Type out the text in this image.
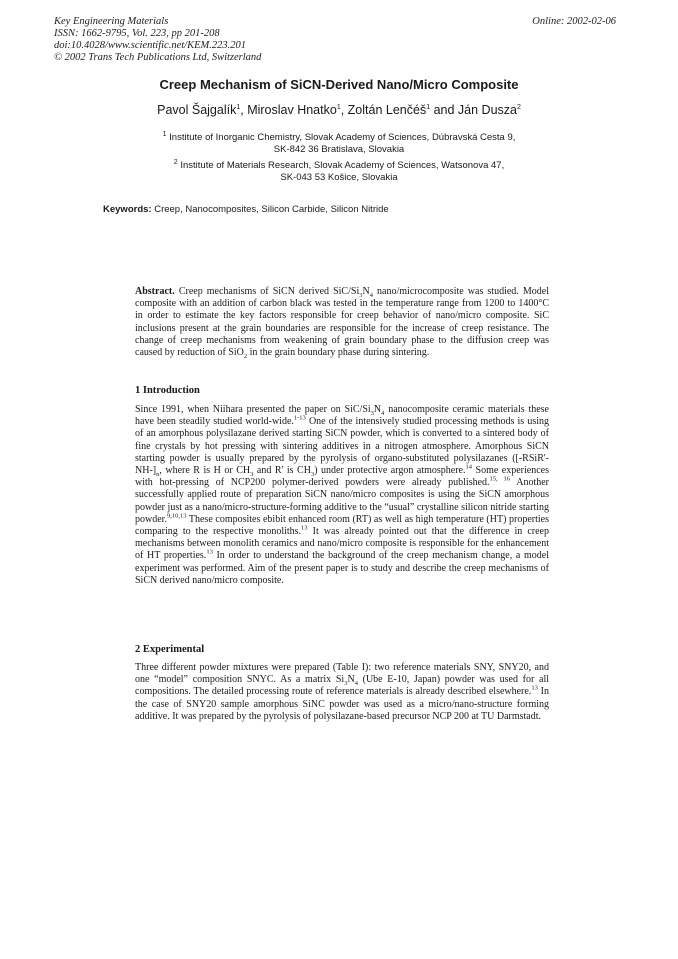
Key Engineering Materials
ISSN: 1662-9795, Vol. 223, pp 201-208
doi:10.4028/www.scientific.net/KEM.223.201
© 2002 Trans Tech Publications Ltd, Switzerland
Online: 2002-02-06
Creep Mechanism of SiCN-Derived Nano/Micro Composite
Pavol Šajgalík$^1$, Miroslav Hnatko$^1$, Zoltán Lenčéš$^1$ and Ján Dusza$^2$
$^1$ Institute of Inorganic Chemistry, Slovak Academy of Sciences, Dúbravská Cesta 9,
SK-842 36 Bratislava, Slovakia
$^2$ Institute of Materials Research, Slovak Academy of Sciences, Watsonova 47,
SK-043 53 Košice, Slovakia
Keywords: Creep, Nanocomposites, Silicon Carbide, Silicon Nitride
Abstract. Creep mechanisms of SiCN derived SiC/$Si_3N_4$ nano/microcomposite was studied. Model composite with an addition of carbon black was tested in the temperature range from 1200 to 1400°C in order to estimate the key factors responsible for creep behavior of nano/micro composite. SiC inclusions present at the grain boundaries are responsible for the increase of creep resistance. The change of creep mechanisms from weakening of grain boundary phase to the diffusion creep was caused by reduction of SiO$_2$ in the grain boundary phase during sintering.
1 Introduction
Since 1991, when Niihara presented the paper on SiC/$Si_3N_4$ nanocomposite ceramic materials these have been steadily studied world-wide.$^{1-13}$ One of the intensively studied processing methods is using of an amorphous polysilazane derived starting SiCN powder, which is converted to a sintered body of fine crystals by hot pressing with sintering additives in a nitrogen atmosphere. Amorphous SiCN starting powder is usually prepared by the pyrolysis of organo-substituted polysilazanes ($[-RSiR'-NH-]_n$, where R is H or $CH_3$ and R' is $CH_3$) under protective argon atmosphere.$^{14}$ Some experiences with hot-pressing of NCP200 polymer-derived powders were already published.$^{15, 16}$ Another successfully applied route of preparation SiCN nano/micro composites is using the SiCN amorphous powder just as a nano/micro-structure-forming additive to the “usual” crystalline silicon nitride starting powder.$^{9,10,13}$ These composites ebibit enhanced room (RT) as well as high temperature (HT) properties comparing to the respective monoliths.$^{13}$ It was already pointed out that the difference in creep mechanisms between monolith ceramics and nano/micro composite is responsible for the enhancement of HT properties.$^{13}$ In order to understand the background of the creep mechanism change, a model experiment was performed. Aim of the present paper is to study and describe the creep mechanisms of SiCN derived nano/micro composite.
2 Experimental
Three different powder mixtures were prepared (Table I): two reference materials SNY, SNY20, and one “model” composition SNYC. As a matrix $Si_3N_4$ (Ube E-10, Japan) powder was used for all compositions. The detailed processing route of reference materials is already described elsewhere.$^{13}$ In the case of SNY20 sample amorphous SiNC powder was used as a micro/nano-structure forming additive. It was prepared by the pyrolysis of polysilazane-based precursor NCP 200 at TU Darmstadt.
